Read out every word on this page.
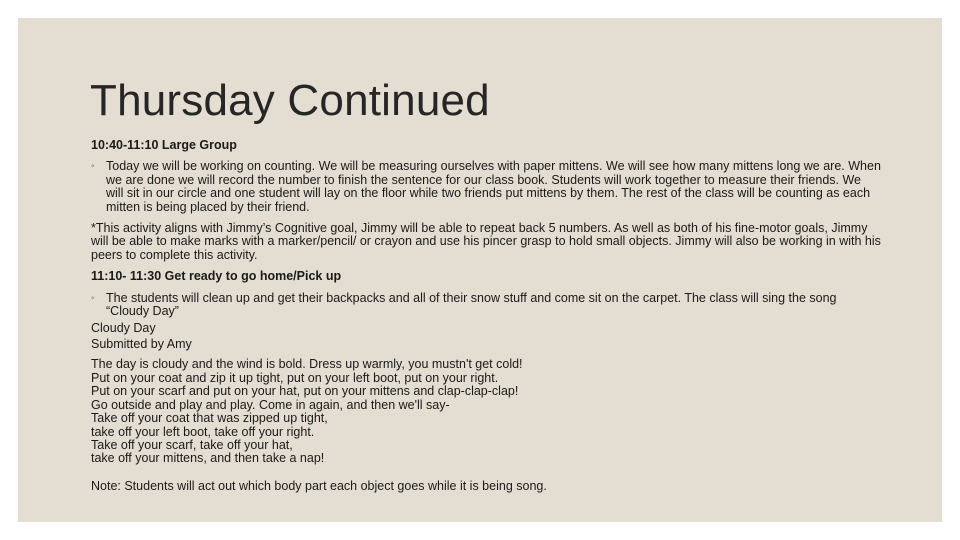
Thursday Continued

10:40-11:10 Large Group

◦ Today we will be working on counting. We will be measuring ourselves with paper mittens. We will see how many mittens long we are. When we are done we will record the number to finish the sentence for our class book. Students will work together to measure their friends. We will sit in our circle and one student will lay on the floor while two friends put mittens by them. The rest of the class will be counting as each mitten is being placed by their friend.

*This activity aligns with Jimmy’s Cognitive goal, Jimmy will be able to repeat back 5 numbers. As well as both of his fine-motor goals, Jimmy will be able to make marks with a marker/pencil/ or crayon and use his pincer grasp to hold small objects. Jimmy will also be working in with his peers to complete this activity.

11:10- 11:30 Get ready to go home/Pick up

◦ The students will clean up and get their backpacks and all of their snow stuff and come sit on the carpet. The class will sing the song “Cloudy Day”

Cloudy Day

Submitted by Amy

The day is cloudy and the wind is bold. Dress up warmly, you mustn't get cold!

Put on your coat and zip it up tight, put on your left boot, put on your right.

Put on your scarf and put on your hat, put on your mittens and clap-clap-clap!

Go outside and play and play. Come in again, and then we'll say-

Take off your coat that was zipped up tight,

take off your left boot, take off your right.

Take off your scarf, take off your hat,

take off your mittens, and then take a nap!

Note: Students will act out which body part each object goes while it is being song.
